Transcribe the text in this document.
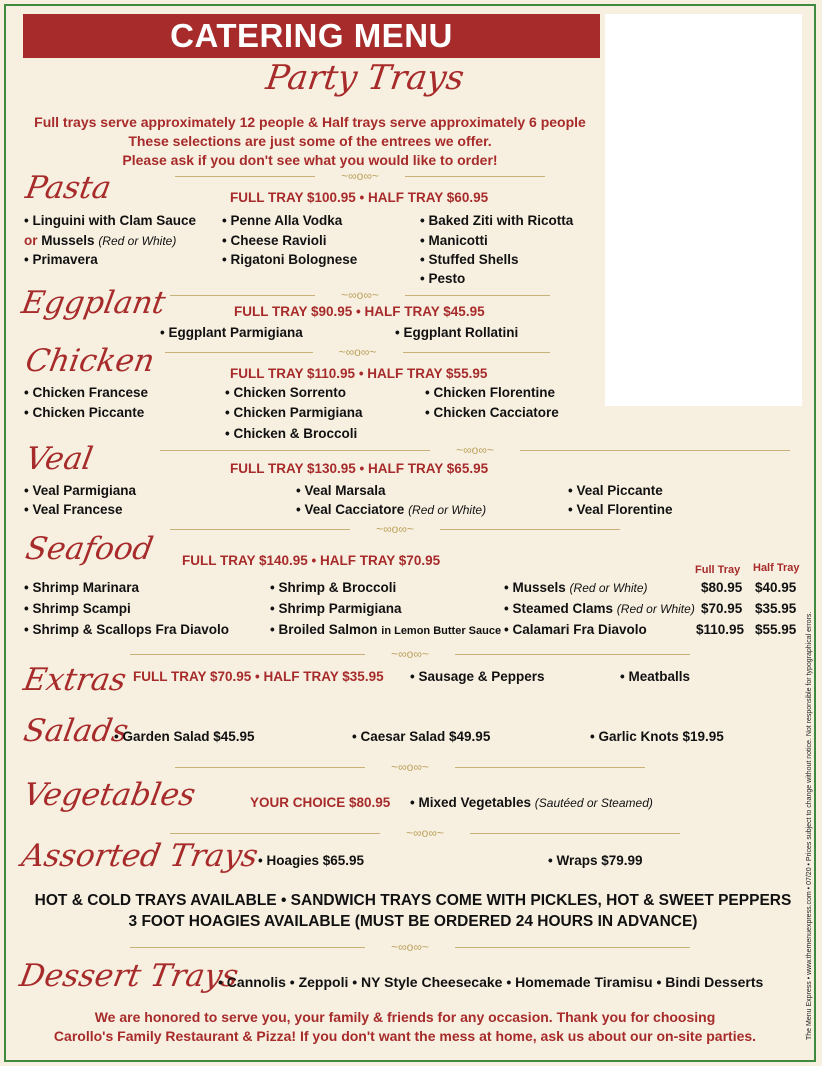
CATERING MENU
Party Trays
Full trays serve approximately 12 people & Half trays serve approximately 6 people
These selections are just some of the entrees we offer.
Please ask if you don't see what you would like to order!
~∞o∞~
Pasta	FULL TRAY $100.95 • HALF TRAY $60.95
• Linguini with Clam Sauce
or Mussels (Red or White)
• Primavera
• Penne Alla Vodka
• Cheese Ravioli
• Rigatoni Bolognese
• Baked Ziti with Ricotta
• Manicotti
• Stuffed Shells
• Pesto
~∞o∞~
Eggplant	FULL TRAY $90.95 • HALF TRAY $45.95
• Eggplant Parmigiana	• Eggplant Rollatini
~∞o∞~
Chicken	FULL TRAY $110.95 • HALF TRAY $55.95
• Chicken Francese
• Chicken Piccante
• Chicken Sorrento
• Chicken Parmigiana
• Chicken & Broccoli
• Chicken Florentine
• Chicken Cacciatore
~∞o∞~
Veal	FULL TRAY $130.95 • HALF TRAY $65.95
• Veal Parmigiana
• Veal Francese
• Veal Marsala
• Veal Cacciatore (Red or White)
• Veal Piccante
• Veal Florentine
~∞o∞~
Seafood FULL TRAY $140.95 • HALF TRAY $70.95
Full Tray Half Tray
• Shrimp Marinara
• Shrimp Scampi
• Shrimp & Scallops Fra Diavolo
• Shrimp & Broccoli
• Shrimp Parmigiana
• Broiled Salmon in Lemon Butter Sauce
• Mussels (Red or White)	$80.95 $40.95
• Steamed Clams (Red or White) $70.95 $35.95
• Calamari Fra Diavolo	$110.95 $55.95
~∞o∞~
Extras FULL TRAY $70.95 • HALF TRAY $35.95 • Sausage & Peppers	• Meatballs
Salads
• Garden Salad $45.95	• Caesar Salad $49.95	• Garlic Knots $19.95
~∞o∞~
Vegetables	YOUR CHOICE $80.95 • Mixed Vegetables (Sautéed or Steamed)
~∞o∞~
Assorted Trays
• Hoagies $65.95	• Wraps $79.99
HOT & COLD TRAYS AVAILABLE • SANDWICH TRAYS COME WITH PICKLES, HOT & SWEET PEPPERS
3 FOOT HOAGIES AVAILABLE (MUST BE ORDERED 24 HOURS IN ADVANCE)
~∞o∞~
Dessert Trays
• Cannolis • Zeppoli • NY Style Cheesecake • Homemade Tiramisu • Bindi Desserts
We are honored to serve you, your family & friends for any occasion. Thank you for choosing
Carollo's Family Restaurant & Pizza! If you don't want the mess at home, ask us about our on-site parties.	The Menu Express • www.themenuexpress.com • 07/20 • Prices subject to change without notice. Not responsible for typographical errors.
